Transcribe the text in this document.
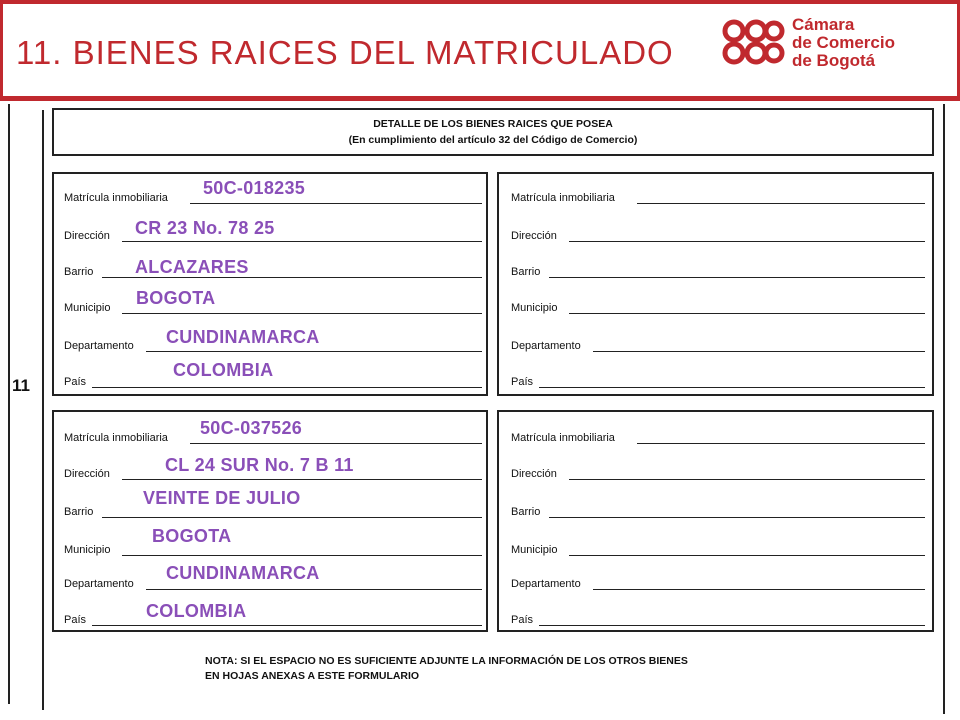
11. BIENES RAICES DEL MATRICULADO
Cámara
de Comercio
de Bogotá
11
DETALLE DE LOS BIENES RAICES QUE POSEA
(En cumplimiento del artículo 32 del Código de Comercio)
Matrícula inmobiliaria
Dirección
Barrio
Municipio
Departamento
País
Matrícula inmobiliaria
Dirección
Barrio
Municipio
Departamento
País
Matrícula inmobiliaria
Dirección
Barrio
Municipio
Departamento
País
Matrícula inmobiliaria
Dirección
Barrio
Municipio
Departamento
País
50C-018235
CR 23 No. 78 25
ALCAZARES
BOGOTA
CUNDINAMARCA
COLOMBIA
50C-037526
CL 24 SUR No. 7 B 11
VEINTE DE JULIO
BOGOTA
CUNDINAMARCA
COLOMBIA
NOTA: SI EL ESPACIO NO ES SUFICIENTE ADJUNTE LA INFORMACIÓN DE LOS OTROS BIENES
EN HOJAS ANEXAS A ESTE FORMULARIO
